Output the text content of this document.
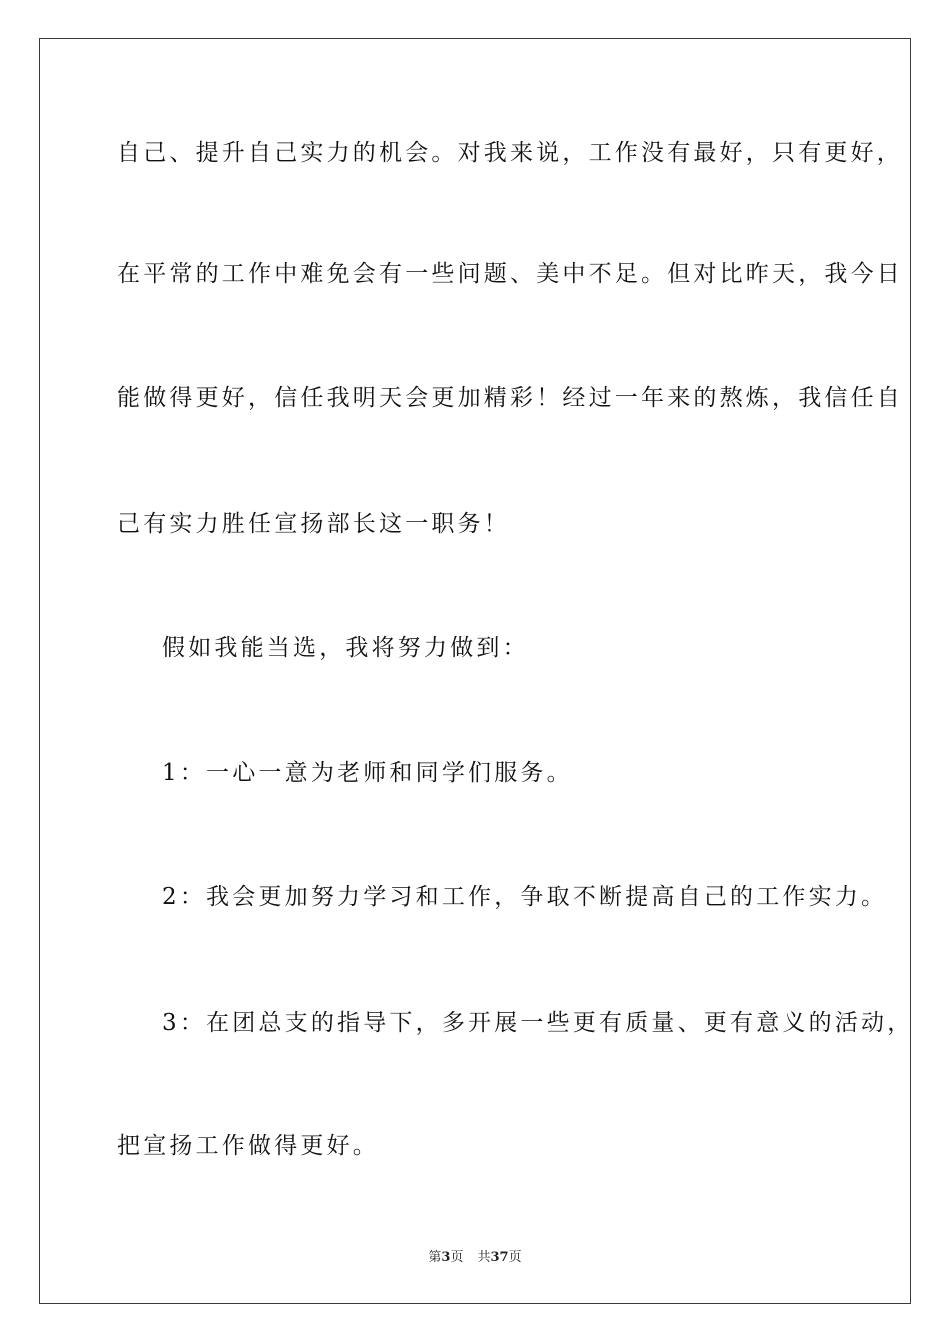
自己、提升自己实力的机会。对我来说，工作没有最好，只有更好，
在平常的工作中难免会有一些问题、美中不足。但对比昨天，我今日
能做得更好，信任我明天会更加精彩！经过一年来的熬炼，我信任自
己有实力胜任宣扬部长这一职务！
假如我能当选，我将努力做到：
1：一心一意为老师和同学们服务。
2：我会更加努力学习和工作，争取不断提高自己的工作实力。
3：在团总支的指导下，多开展一些更有质量、更有意义的活动，
把宣扬工作做得更好。
第3页 共37页
